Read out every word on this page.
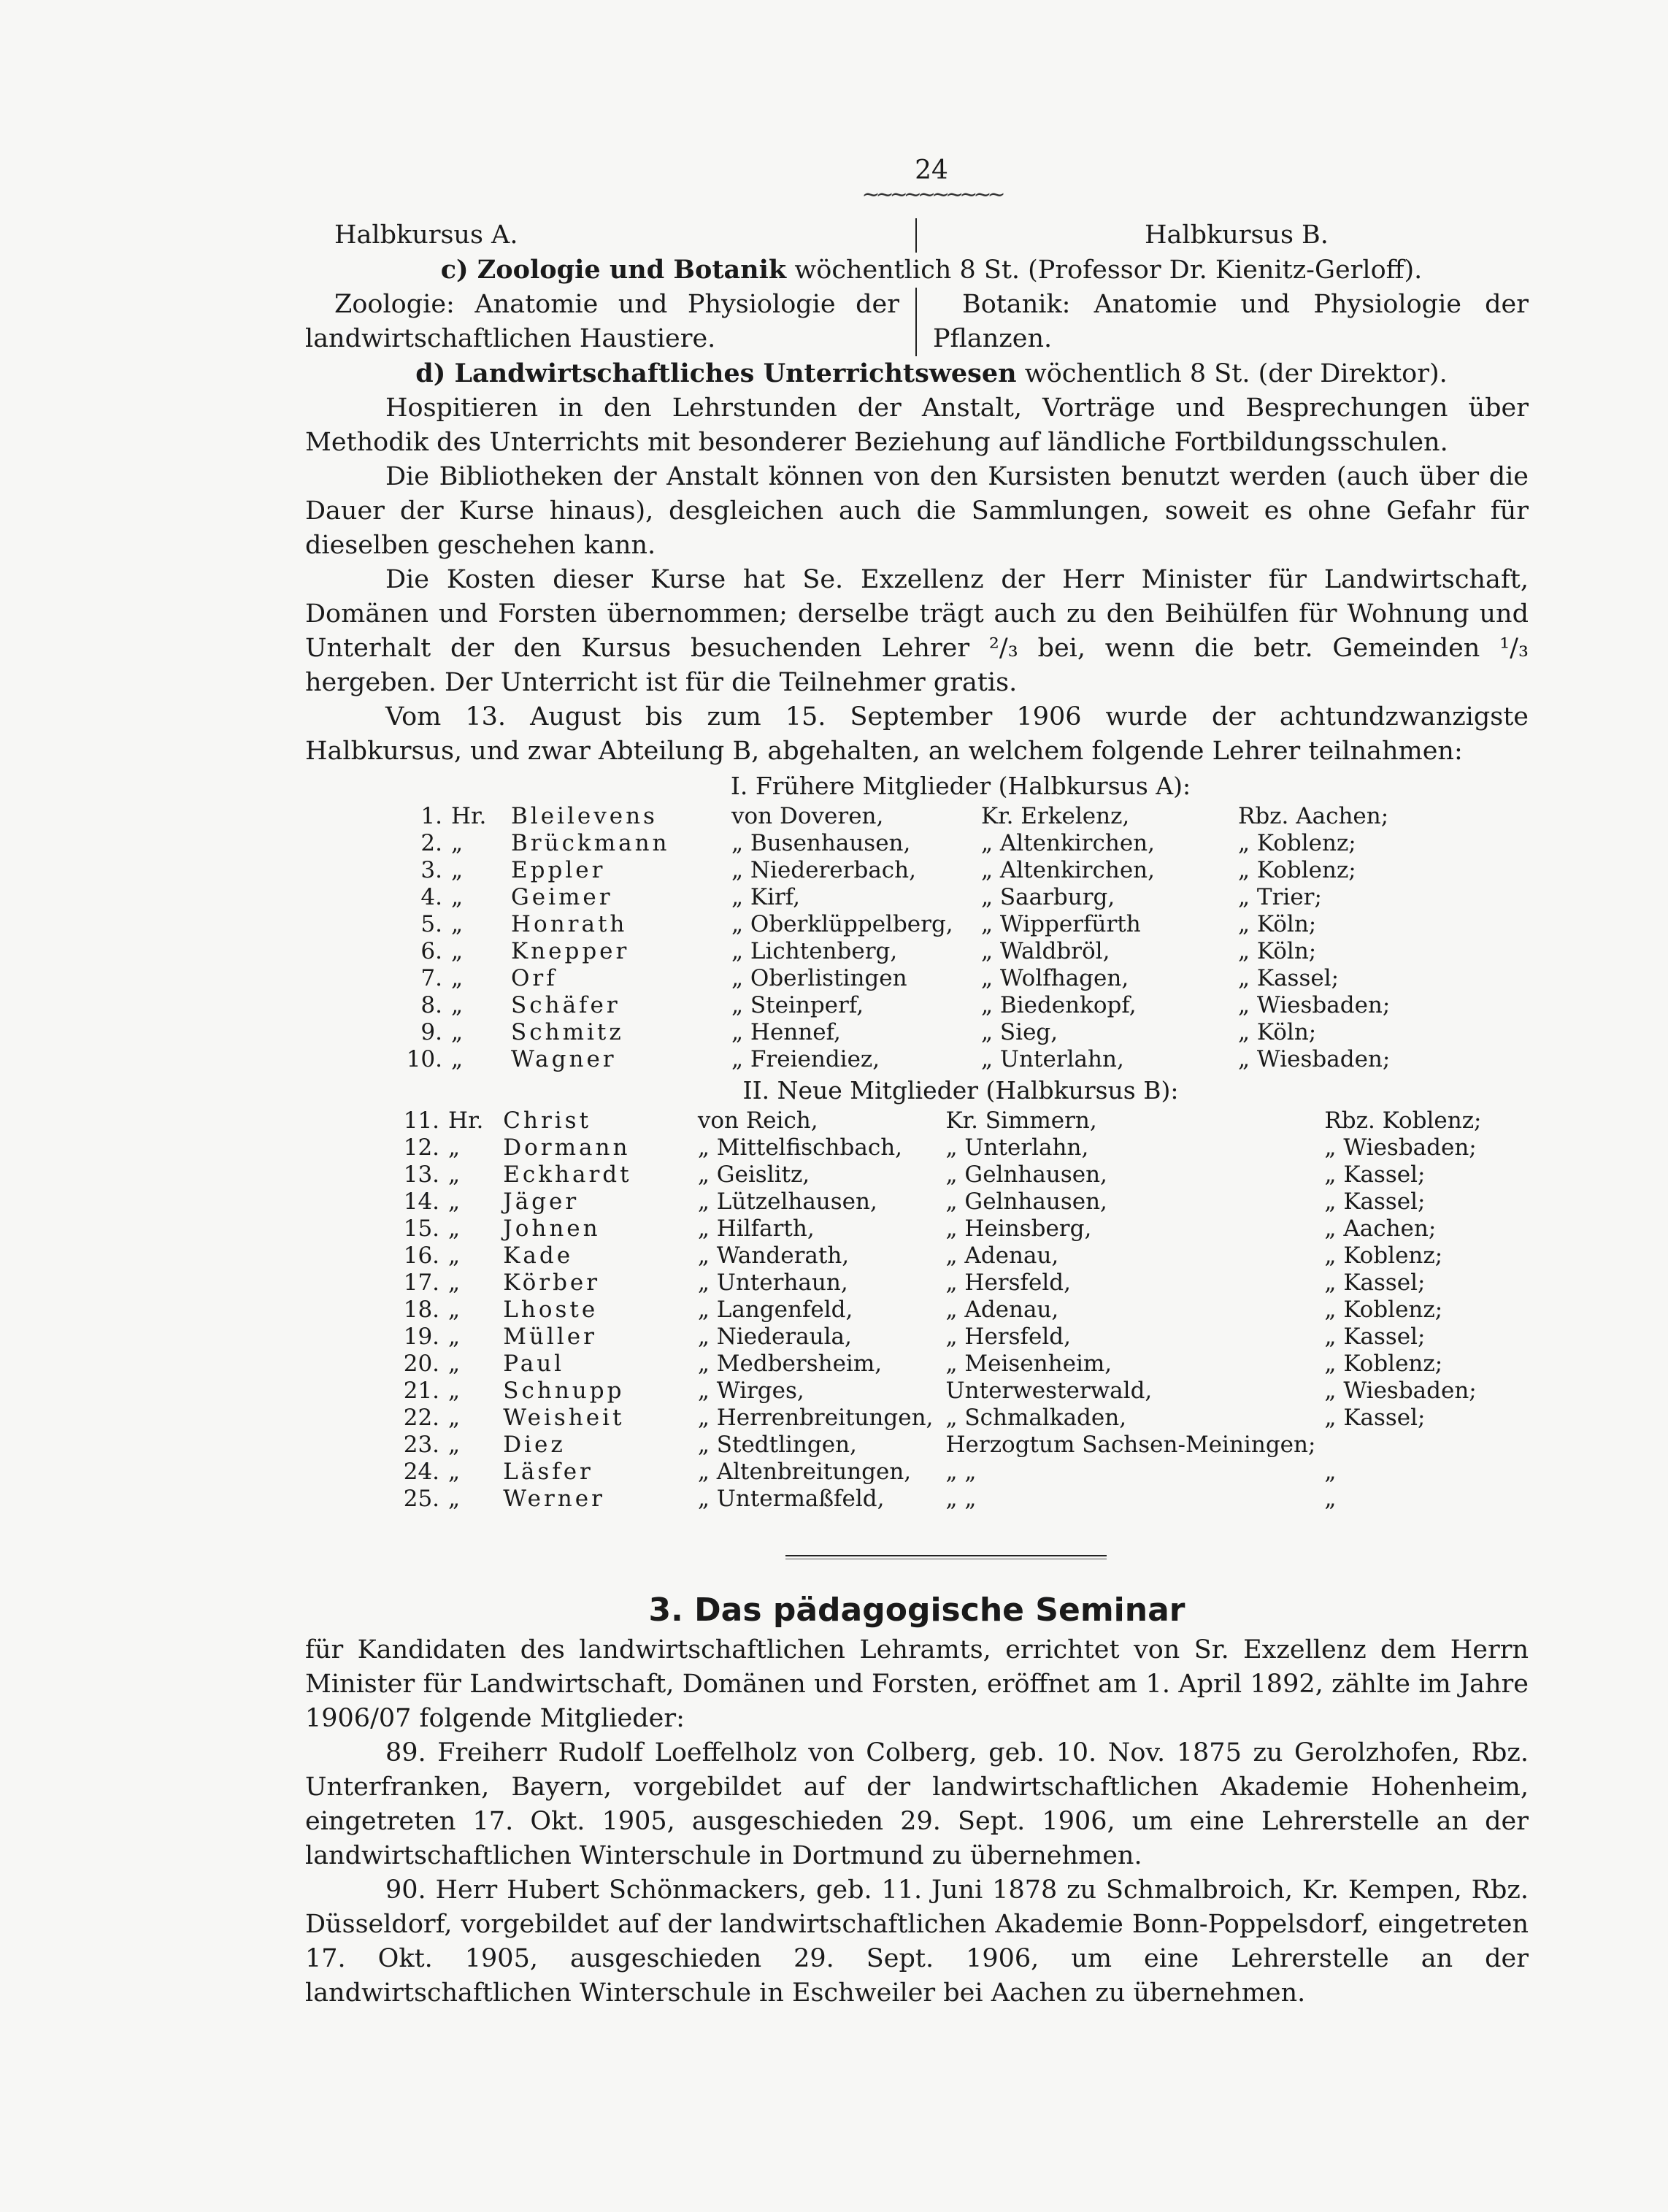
24
~~~~~~~~~~
Halbkursus A.	Halbkursus B.
c) Zoologie und Botanik wöchentlich 8 St. (Professor Dr. Kienitz-Gerloff).
Zoologie: Anatomie und Physiologie der landwirtschaftlichen Haustiere.
Botanik: Anatomie und Physiologie der Pflanzen.
d) Landwirtschaftliches Unterrichtswesen wöchentlich 8 St. (der Direktor).
Hospitieren in den Lehrstunden der Anstalt, Vorträge und Besprechungen über Methodik des Unterrichts mit besonderer Beziehung auf ländliche Fortbildungsschulen.
Die Bibliotheken der Anstalt können von den Kursisten benutzt werden (auch über die Dauer der Kurse hinaus), desgleichen auch die Sammlungen, soweit es ohne Gefahr für dieselben geschehen kann.
Die Kosten dieser Kurse hat Se. Exzellenz der Herr Minister für Landwirtschaft, Domänen und Forsten übernommen; derselbe trägt auch zu den Beihülfen für Wohnung und Unterhalt der den Kursus besuchenden Lehrer ²/₃ bei, wenn die betr. Gemeinden ¹/₃ hergeben. Der Unterricht ist für die Teilnehmer gratis.
Vom 13. August bis zum 15. September 1906 wurde der achtundzwanzigste Halbkursus, und zwar Abteilung B, abgehalten, an welchem folgende Lehrer teilnahmen:
I. Frühere Mitglieder (Halbkursus A):
1.	Hr.	Bleilevens	von Doveren,	Kr. Erkelenz,	Rbz. Aachen;
2.	„	Brückmann	„ Busenhausen,	„ Altenkirchen,	„ Koblenz;
3.	„	Eppler	„ Niedererbach,	„ Altenkirchen,	„ Koblenz;
4.	„	Geimer	„ Kirf,	„ Saarburg,	„ Trier;
5.	„	Honrath	„ Oberklüppelberg,	„ Wipperfürth	„ Köln;
6.	„	Knepper	„ Lichtenberg,	„ Waldbröl,	„ Köln;
7.	„	Orf	„ Oberlistingen	„ Wolfhagen,	„ Kassel;
8.	„	Schäfer	„ Steinperf,	„ Biedenkopf,	„ Wiesbaden;
9.	„	Schmitz	„ Hennef,	„ Sieg,	„ Köln;
10.	„	Wagner	„ Freiendiez,	„ Unterlahn,	„ Wiesbaden;
II. Neue Mitglieder (Halbkursus B):
11.	Hr.	Christ	von Reich,	Kr. Simmern,	Rbz. Koblenz;
12.	„	Dormann	„ Mittelfischbach,	„ Unterlahn,	„ Wiesbaden;
13.	„	Eckhardt	„ Geislitz,	„ Gelnhausen,	„ Kassel;
14.	„	Jäger	„ Lützelhausen,	„ Gelnhausen,	„ Kassel;
15.	„	Johnen	„ Hilfarth,	„ Heinsberg,	„ Aachen;
16.	„	Kade	„ Wanderath,	„ Adenau,	„ Koblenz;
17.	„	Körber	„ Unterhaun,	„ Hersfeld,	„ Kassel;
18.	„	Lhoste	„ Langenfeld,	„ Adenau,	„ Koblenz;
19.	„	Müller	„ Niederaula,	„ Hersfeld,	„ Kassel;
20.	„	Paul	„ Medbersheim,	„ Meisenheim,	„ Koblenz;
21.	„	Schnupp	„ Wirges,	Unterwesterwald,	„ Wiesbaden;
22.	„	Weisheit	„ Herrenbreitungen,	„ Schmalkaden,	„ Kassel;
23.	„	Diez	„ Stedtlingen,	Herzogtum Sachsen-Meiningen;	
24.	„	Läsfer	„ Altenbreitungen,	„ „	„
25.	„	Werner	„ Untermaßfeld,	„ „	„
3. Das pädagogische Seminar
für Kandidaten des landwirtschaftlichen Lehramts, errichtet von Sr. Exzellenz dem Herrn Minister für Landwirtschaft, Domänen und Forsten, eröffnet am 1. April 1892, zählte im Jahre 1906/07 folgende Mitglieder:
89. Freiherr Rudolf Loeffelholz von Colberg, geb. 10. Nov. 1875 zu Gerolzhofen, Rbz. Unterfranken, Bayern, vorgebildet auf der landwirtschaftlichen Akademie Hohenheim, eingetreten 17. Okt. 1905, ausgeschieden 29. Sept. 1906, um eine Lehrerstelle an der landwirtschaftlichen Winterschule in Dortmund zu übernehmen.
90. Herr Hubert Schönmackers, geb. 11. Juni 1878 zu Schmalbroich, Kr. Kempen, Rbz. Düsseldorf, vorgebildet auf der landwirtschaftlichen Akademie Bonn-Poppelsdorf, eingetreten 17. Okt. 1905, ausgeschieden 29. Sept. 1906, um eine Lehrerstelle an der landwirtschaftlichen Winterschule in Eschweiler bei Aachen zu übernehmen.
